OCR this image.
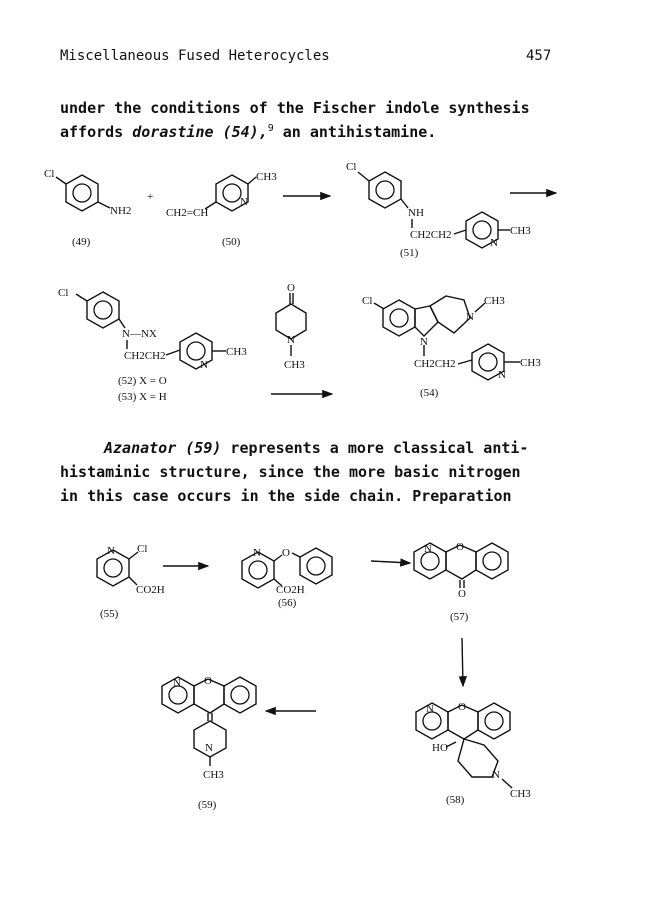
Miscellaneous Fused Heterocycles	457
under the conditions of the Fischer indole synthesis
affords dorastine (54),$^9$ an antihistamine.
Azanator (59) represents a more classical anti-
histaminic structure, since the more basic nitrogen
in this case occurs in the side chain. Preparation
Cl
NH2
(49)
+
CH3
N
CH2=CH
(50)
Cl
NH
CH2CH2	CH3
N
(51)
Cl
N—NX
CH2CH2	CH3
N
(52) X = O
(53) X = H
O
N
CH3
Cl
N
N
CH3
CH2CH2	CH3
N
(54)
N Cl
CO2H
(55)
N O
CO2H
(56)
N O
O
(57)
N O
HO
N
CH3
(58)
N O
N
CH3
(59)
